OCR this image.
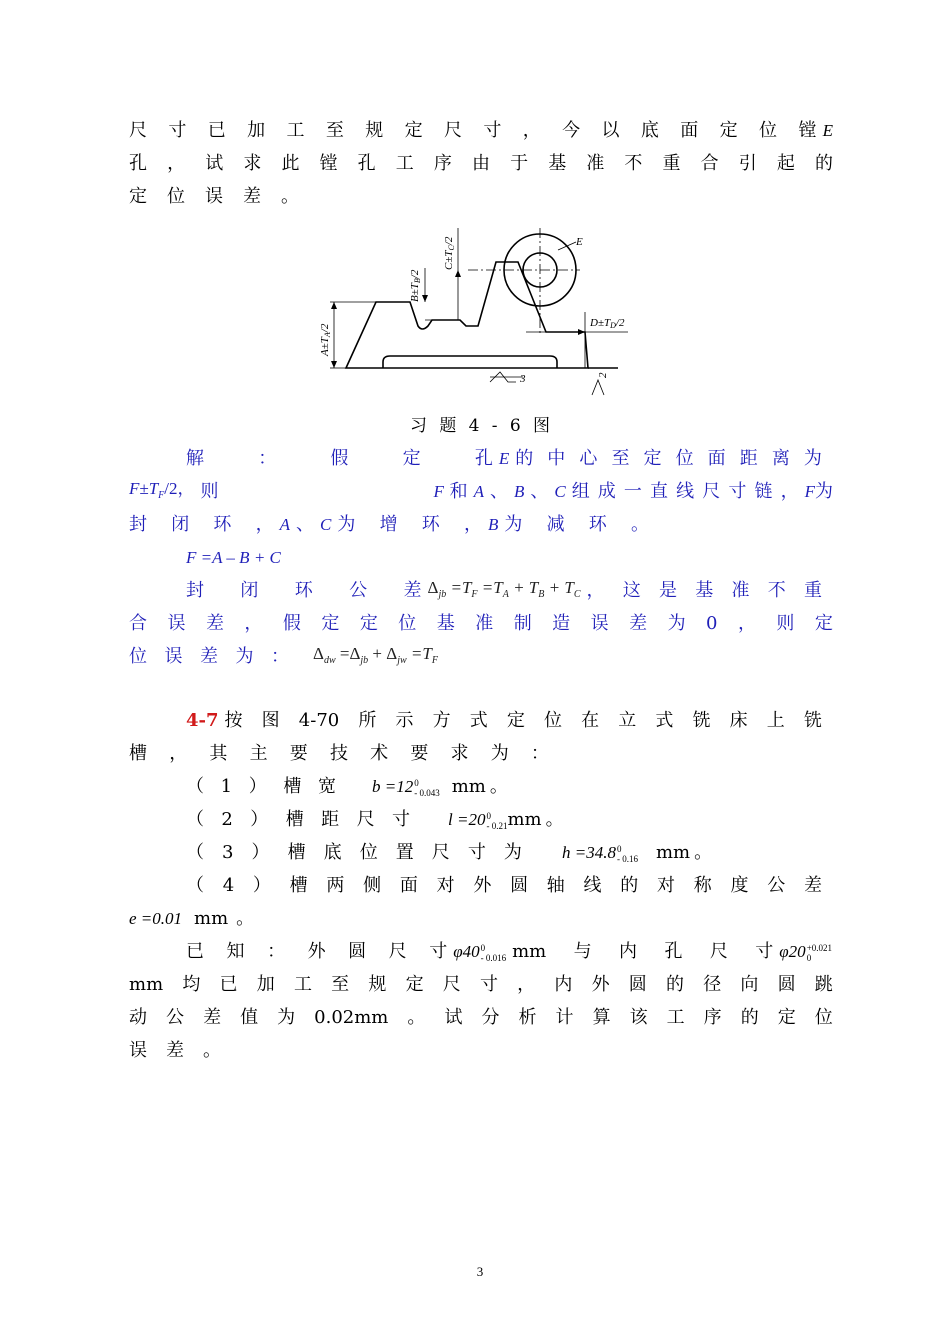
尺 寸 已 加 工 至 规 定 尺 寸 ， 今 以 底 面 定 位 镗 E
孔 ， 试 求 此 镗 孔 工 序 由 于 基 准 不 重 合 引 起 的
定 位 误 差 。
E
A±TA/2
B±TB/2
C±TC/2
D±TD/2
3	2
习 题 4 - 6 图
解	：	假	定	孔 E 的 中 心 至 定 位 面 距 离 为
$F\pm T_F/2$， 则	F 和 A 、 B 、 C 组 成 一 直 线 尺 寸 链 ， F为
封 闭 环 ， A 、 C 为 增 环 ， B 为 减 环 。
F =A – B + C
封 闭 环 公 差 $\Delta_{jb} =T_F =T_A + T_B + T_C$ ， 这 是 基 准 不 重
合 误 差 ， 假 定 定 位 基 准 制 造 误 差 为 0 ， 则 定
位 误 差 为 ： $\Delta_{dw} =\Delta_{jb} + \Delta_{jw} =T_F$
4-7 按 图 4-70 所 示 方 式 定 位 在 立 式 铣 床 上 铣
槽 ， 其 主 要 技 术 要 求 为 ：
（ 1 ） 槽 宽 b =12 0
- 0.043 mm 。
（ 2 ） 槽 距 尺 寸 l =20 0
- 0.21 mm 。
（ 3 ） 槽 底 位 置 尺 寸 为 h =34.8 0
- 0.16 mm 。
（ 4 ） 槽 两 侧 面 对 外 圆 轴 线 的 对 称 度 公 差
e =0.01 mm 。
已 知 ： 外 圆 尺 寸 φ40 0
- 0.016 mm 与 内 孔 尺 寸 φ20 +0.021
0
mm 均 已 加 工 至 规 定 尺 寸 ， 内 外 圆 的 径 向 圆 跳
动 公 差 值 为 0.02mm 。 试 分 析 计 算 该 工 序 的 定 位
误 差 。
3
